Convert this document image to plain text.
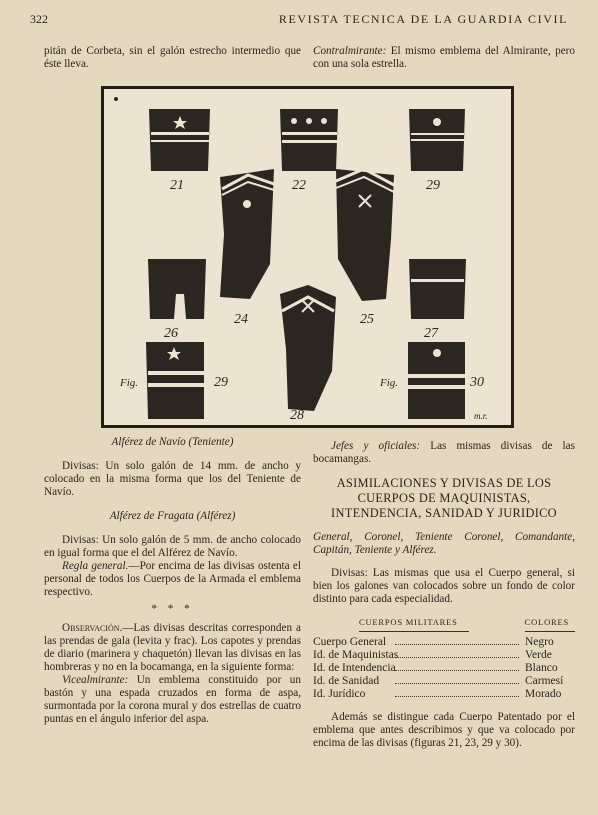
322	REVISTA TECNICA DE LA GUARDIA CIVIL

pitán de Corbeta, sin el galón estrecho intermedio que éste lleva.

Contralmirante: El mismo emblema del Almirante, pero con una sola estrella.

21	22	29
24	25
26	27
28
Fig.	29	Fig.	30
m.r.

Alférez de Navío (Teniente)

Divisas: Un solo galón de 14 mm. de ancho y colocado en la misma forma que los del Teniente de Navío.

Alférez de Fragata (Alférez)

Divisas: Un solo galón de 5 mm. de ancho colocado en igual forma que el del Alférez de Navío.

Regla general.—Por encima de las divisas ostenta el personal de todos los Cuerpos de la Armada el emblema respectivo.

* * *

Observación.—Las divisas descritas corresponden a las prendas de gala (levita y frac). Los capotes y prendas de diario (marinera y chaquetón) llevan las divisas en las hombreras y no en la bocamanga, en la siguiente forma:

Vicealmirante: Un emblema constituido por un bastón y una espada cruzados en forma de aspa, surmontada por la corona mural y dos estrellas de cuatro puntas en el ángulo inferior del aspa.

Jefes y oficiales: Las mismas divisas de las bocamangas.

ASIMILACIONES Y DIVISAS DE LOS CUERPOS DE MAQUINISTAS, INTENDENCIA, SANIDAD Y JURIDICO

General, Coronel, Teniente Coronel, Comandante, Capitán, Teniente y Alférez.

Divisas: Las mismas que usa el Cuerpo general, si bien los galones van colocados sobre un fondo de color distinto para cada especialidad.

CUERPOS MILITARES	COLORES
Cuerpo General	Negro
Id. de Maquinistas	Verde
Id. de Intendencia	Blanco
Id. de Sanidad	Carmesí
Id. Jurídico	Morado

Además se distingue cada Cuerpo Patentado por el emblema que antes describimos y que va colocado por encima de las divisas (figuras 21, 23, 29 y 30).
